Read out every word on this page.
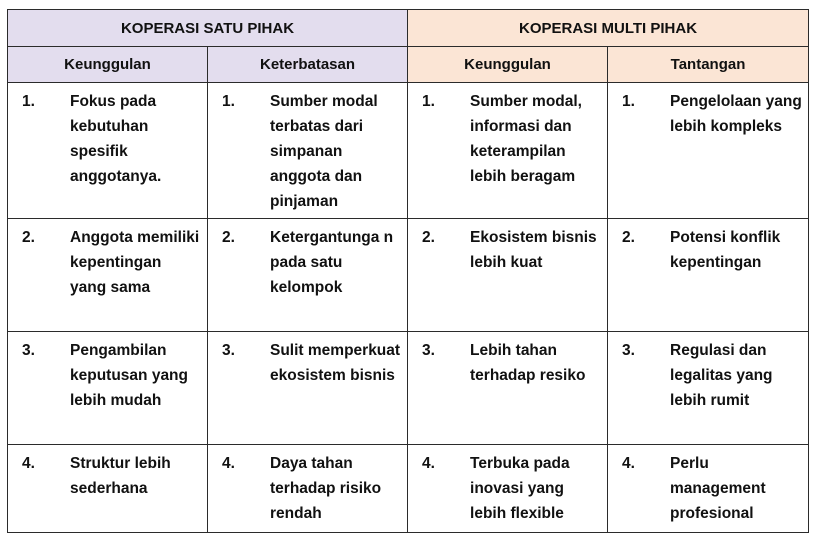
KOPERASI SATU PIHAK		KOPERASI MULTI PIHAK	
Keunggulan	Keterbatasan	Keunggulan	Tantangan

1. Fokus pada kebutuhan spesifik anggotanya.	1. Sumber modal terbatas dari simpanan anggota dan pinjaman	1. Sumber modal, informasi dan keterampilan lebih beragam	1. Pengelolaan yang lebih kompleks

2. Anggota memiliki kepentingan yang sama	2. Ketergantunga n pada satu kelompok	2. Ekosistem bisnis lebih kuat	2. Potensi konflik kepentingan

3. Pengambilan keputusan yang lebih mudah	3. Sulit memperkuat ekosistem bisnis	3. Lebih tahan terhadap resiko	3. Regulasi dan legalitas yang lebih rumit

4. Struktur lebih sederhana	4. Daya tahan terhadap risiko rendah	4. Terbuka pada inovasi yang lebih flexible	4. Perlu management profesional
